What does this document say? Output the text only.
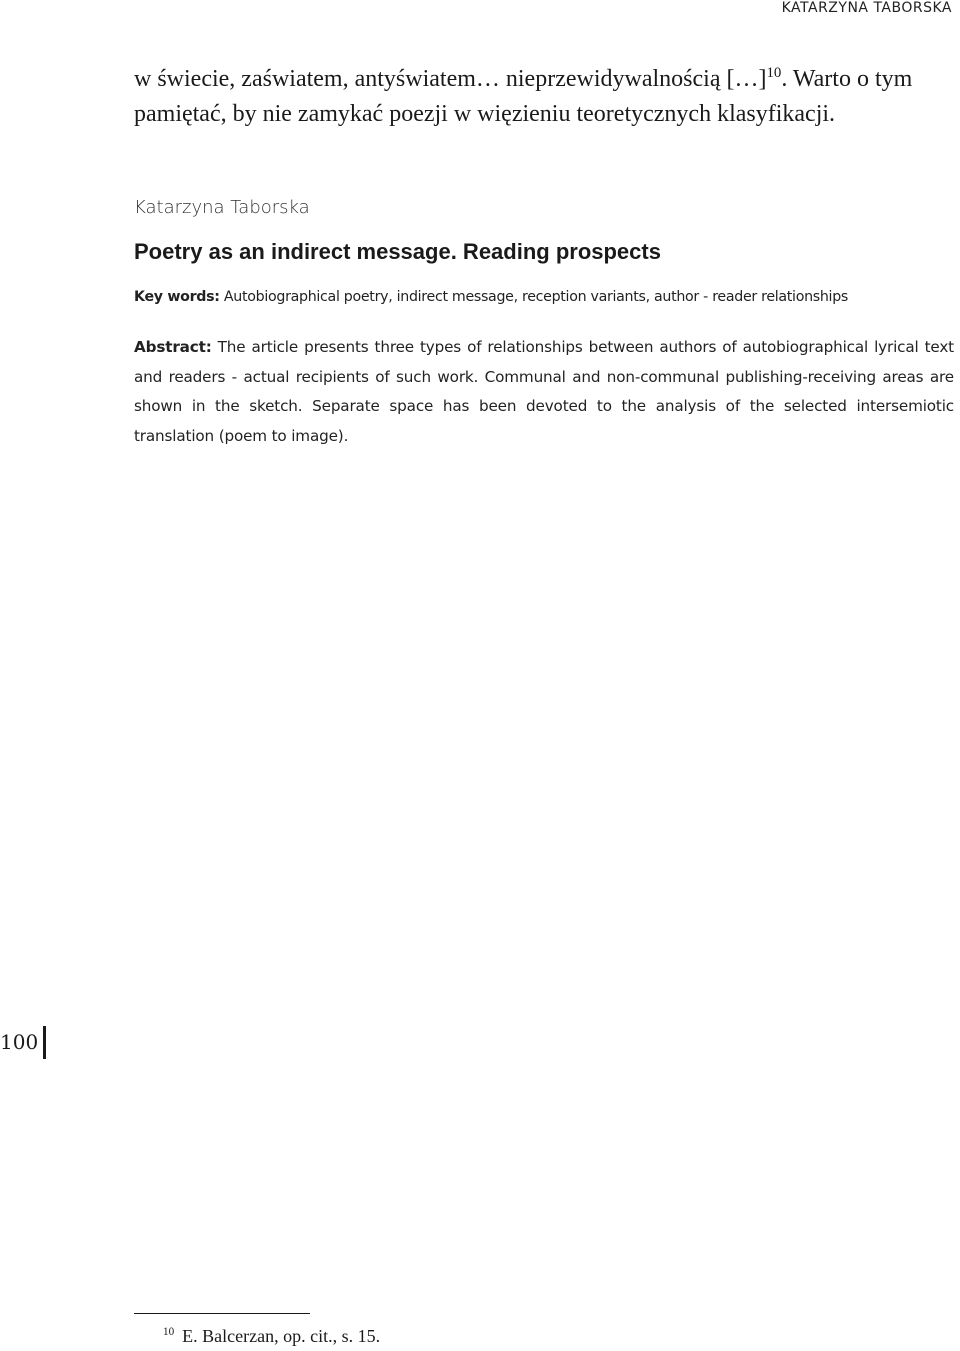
KATARZYNA TABORSKA

w świecie, zaświatem, antyświatem… nieprzewidywalnością […]$^{10}$. Warto o tym
pamiętać, by nie zamykać poezji w więzieniu teoretycznych klasyfikacji.

Katarzyna Taborska

Poetry as an indirect message. Reading prospects

Key words: Autobiographical poetry, indirect message, reception variants, author - reader relationships

Abstract: The article presents three types of relationships between authors of autobiographical lyrical text and readers - actual recipients of such work. Communal and non-communal publishing-receiving areas are shown in the sketch. Separate space has been devoted to the analysis of the selected intersemiotic translation (poem to image).

100

$^{10}$ E. Balcerzan, op. cit., s. 15.
